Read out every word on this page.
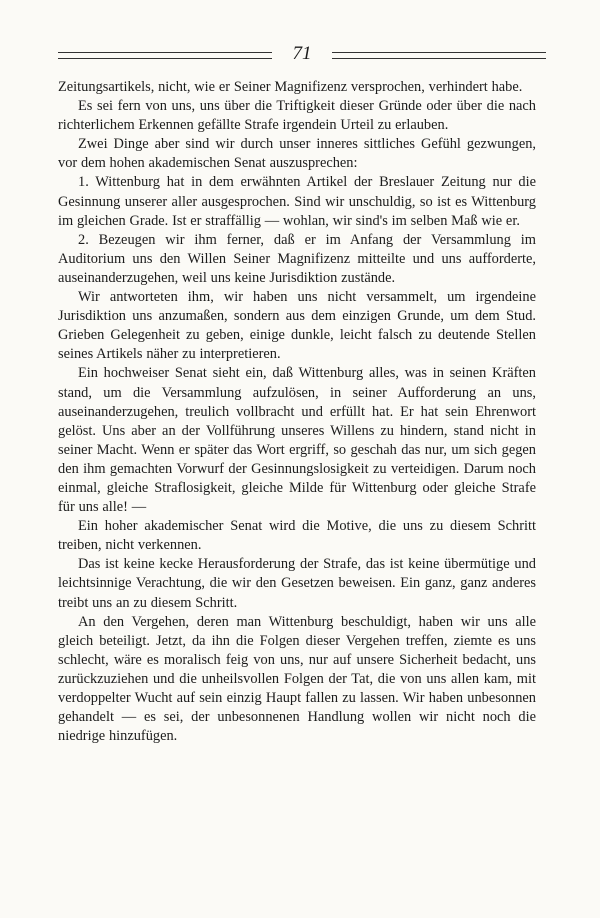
71

Zeitungsartikels, nicht, wie er Seiner Magnifizenz versprochen, verhindert habe.

Es sei fern von uns, uns über die Triftigkeit dieser Gründe oder über die nach richterlichem Erkennen gefällte Strafe irgendein Urteil zu erlauben.

Zwei Dinge aber sind wir durch unser inneres sittliches Gefühl gezwungen, vor dem hohen akademischen Senat auszusprechen:

1. Wittenburg hat in dem erwähnten Artikel der Breslauer Zeitung nur die Gesinnung unserer aller ausgesprochen. Sind wir unschuldig, so ist es Wittenburg im gleichen Grade. Ist er straffällig — wohlan, wir sind's im selben Maß wie er.

2. Bezeugen wir ihm ferner, daß er im Anfang der Versammlung im Auditorium uns den Willen Seiner Magnifizenz mitteilte und uns aufforderte, auseinanderzugehen, weil uns keine Jurisdiktion zustände.

Wir antworteten ihm, wir haben uns nicht versammelt, um irgendeine Jurisdiktion uns anzumaßen, sondern aus dem einzigen Grunde, um dem Stud. Grieben Gelegenheit zu geben, einige dunkle, leicht falsch zu deutende Stellen seines Artikels näher zu interpretieren.

Ein hochweiser Senat sieht ein, daß Wittenburg alles, was in seinen Kräften stand, um die Versammlung aufzulösen, in seiner Aufforderung an uns, auseinanderzugehen, treulich vollbracht und erfüllt hat. Er hat sein Ehrenwort gelöst. Uns aber an der Vollführung unseres Willens zu hindern, stand nicht in seiner Macht. Wenn er später das Wort ergriff, so geschah das nur, um sich gegen den ihm gemachten Vorwurf der Gesinnungslosigkeit zu verteidigen. Darum noch einmal, gleiche Straflosigkeit, gleiche Milde für Wittenburg oder gleiche Strafe für uns alle! —

Ein hoher akademischer Senat wird die Motive, die uns zu diesem Schritt treiben, nicht verkennen.

Das ist keine kecke Herausforderung der Strafe, das ist keine übermütige und leichtsinnige Verachtung, die wir den Gesetzen beweisen. Ein ganz, ganz anderes treibt uns an zu diesem Schritt.

An den Vergehen, deren man Wittenburg beschuldigt, haben wir uns alle gleich beteiligt. Jetzt, da ihn die Folgen dieser Vergehen treffen, ziemte es uns schlecht, wäre es moralisch feig von uns, nur auf unsere Sicherheit bedacht, uns zurückzuziehen und die unheilsvollen Folgen der Tat, die von uns allen kam, mit verdoppelter Wucht auf sein einzig Haupt fallen zu lassen. Wir haben unbesonnen gehandelt — es sei, der unbesonnenen Handlung wollen wir nicht noch die niedrige hinzufügen.
